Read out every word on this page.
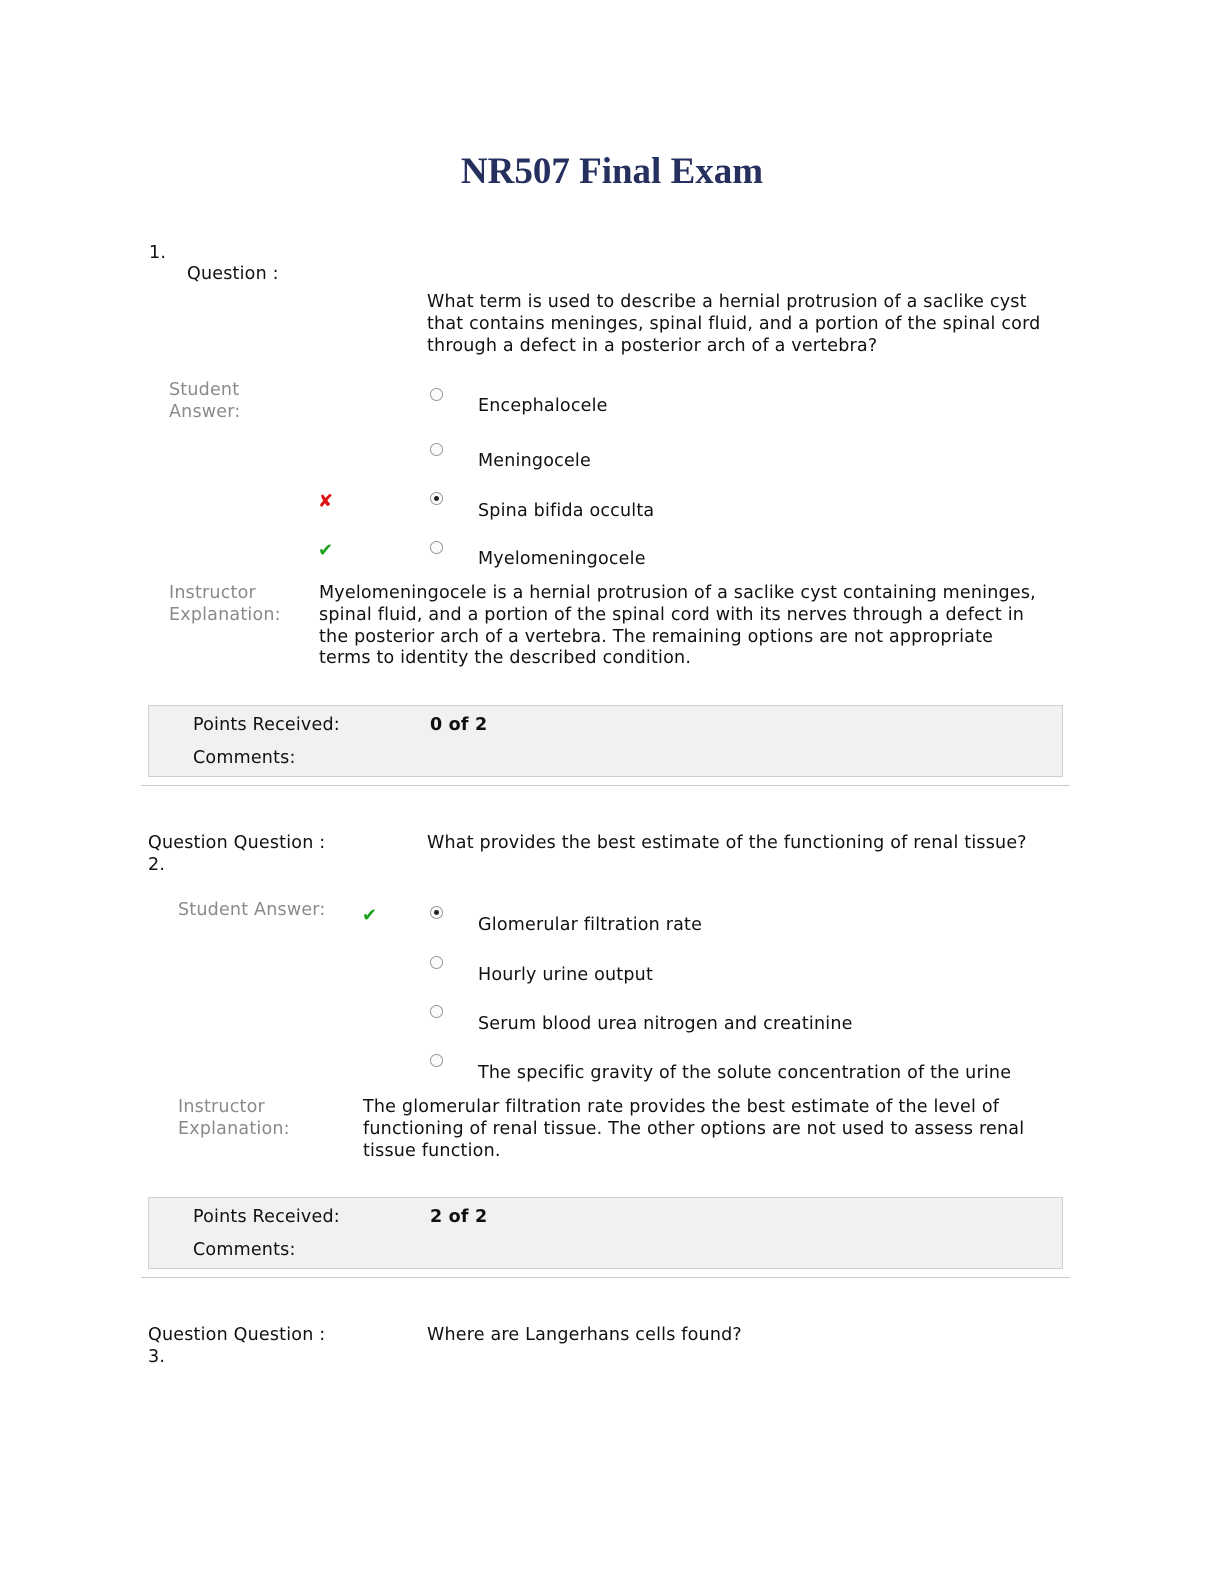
NR507 Final Exam
1.
Question :
What term is used to describe a hernial protrusion of a saclike cyst
that contains meninges, spinal fluid, and a portion of the spinal cord
through a defect in a posterior arch of a vertebra?
Student
Answer:	Encephalocele
Meningocele
✘	Spina bifida occulta
✔	Myelomeningocele
Instructor
Explanation:
Myelomeningocele is a hernial protrusion of a saclike cyst containing meninges,
spinal fluid, and a portion of the spinal cord with its nerves through a defect in
the posterior arch of a vertebra. The remaining options are not appropriate
terms to identity the described condition.
Points Received:	0 of 2
Comments:
Question Question :
2.
What provides the best estimate of the functioning of renal tissue?
Student Answer: ✔	Glomerular filtration rate
Hourly urine output
Serum blood urea nitrogen and creatinine
The specific gravity of the solute concentration of the urine
Instructor
Explanation:
The glomerular filtration rate provides the best estimate of the level of
functioning of renal tissue. The other options are not used to assess renal
tissue function.
Points Received:	2 of 2
Comments:
Question Question :
3.
Where are Langerhans cells found?
